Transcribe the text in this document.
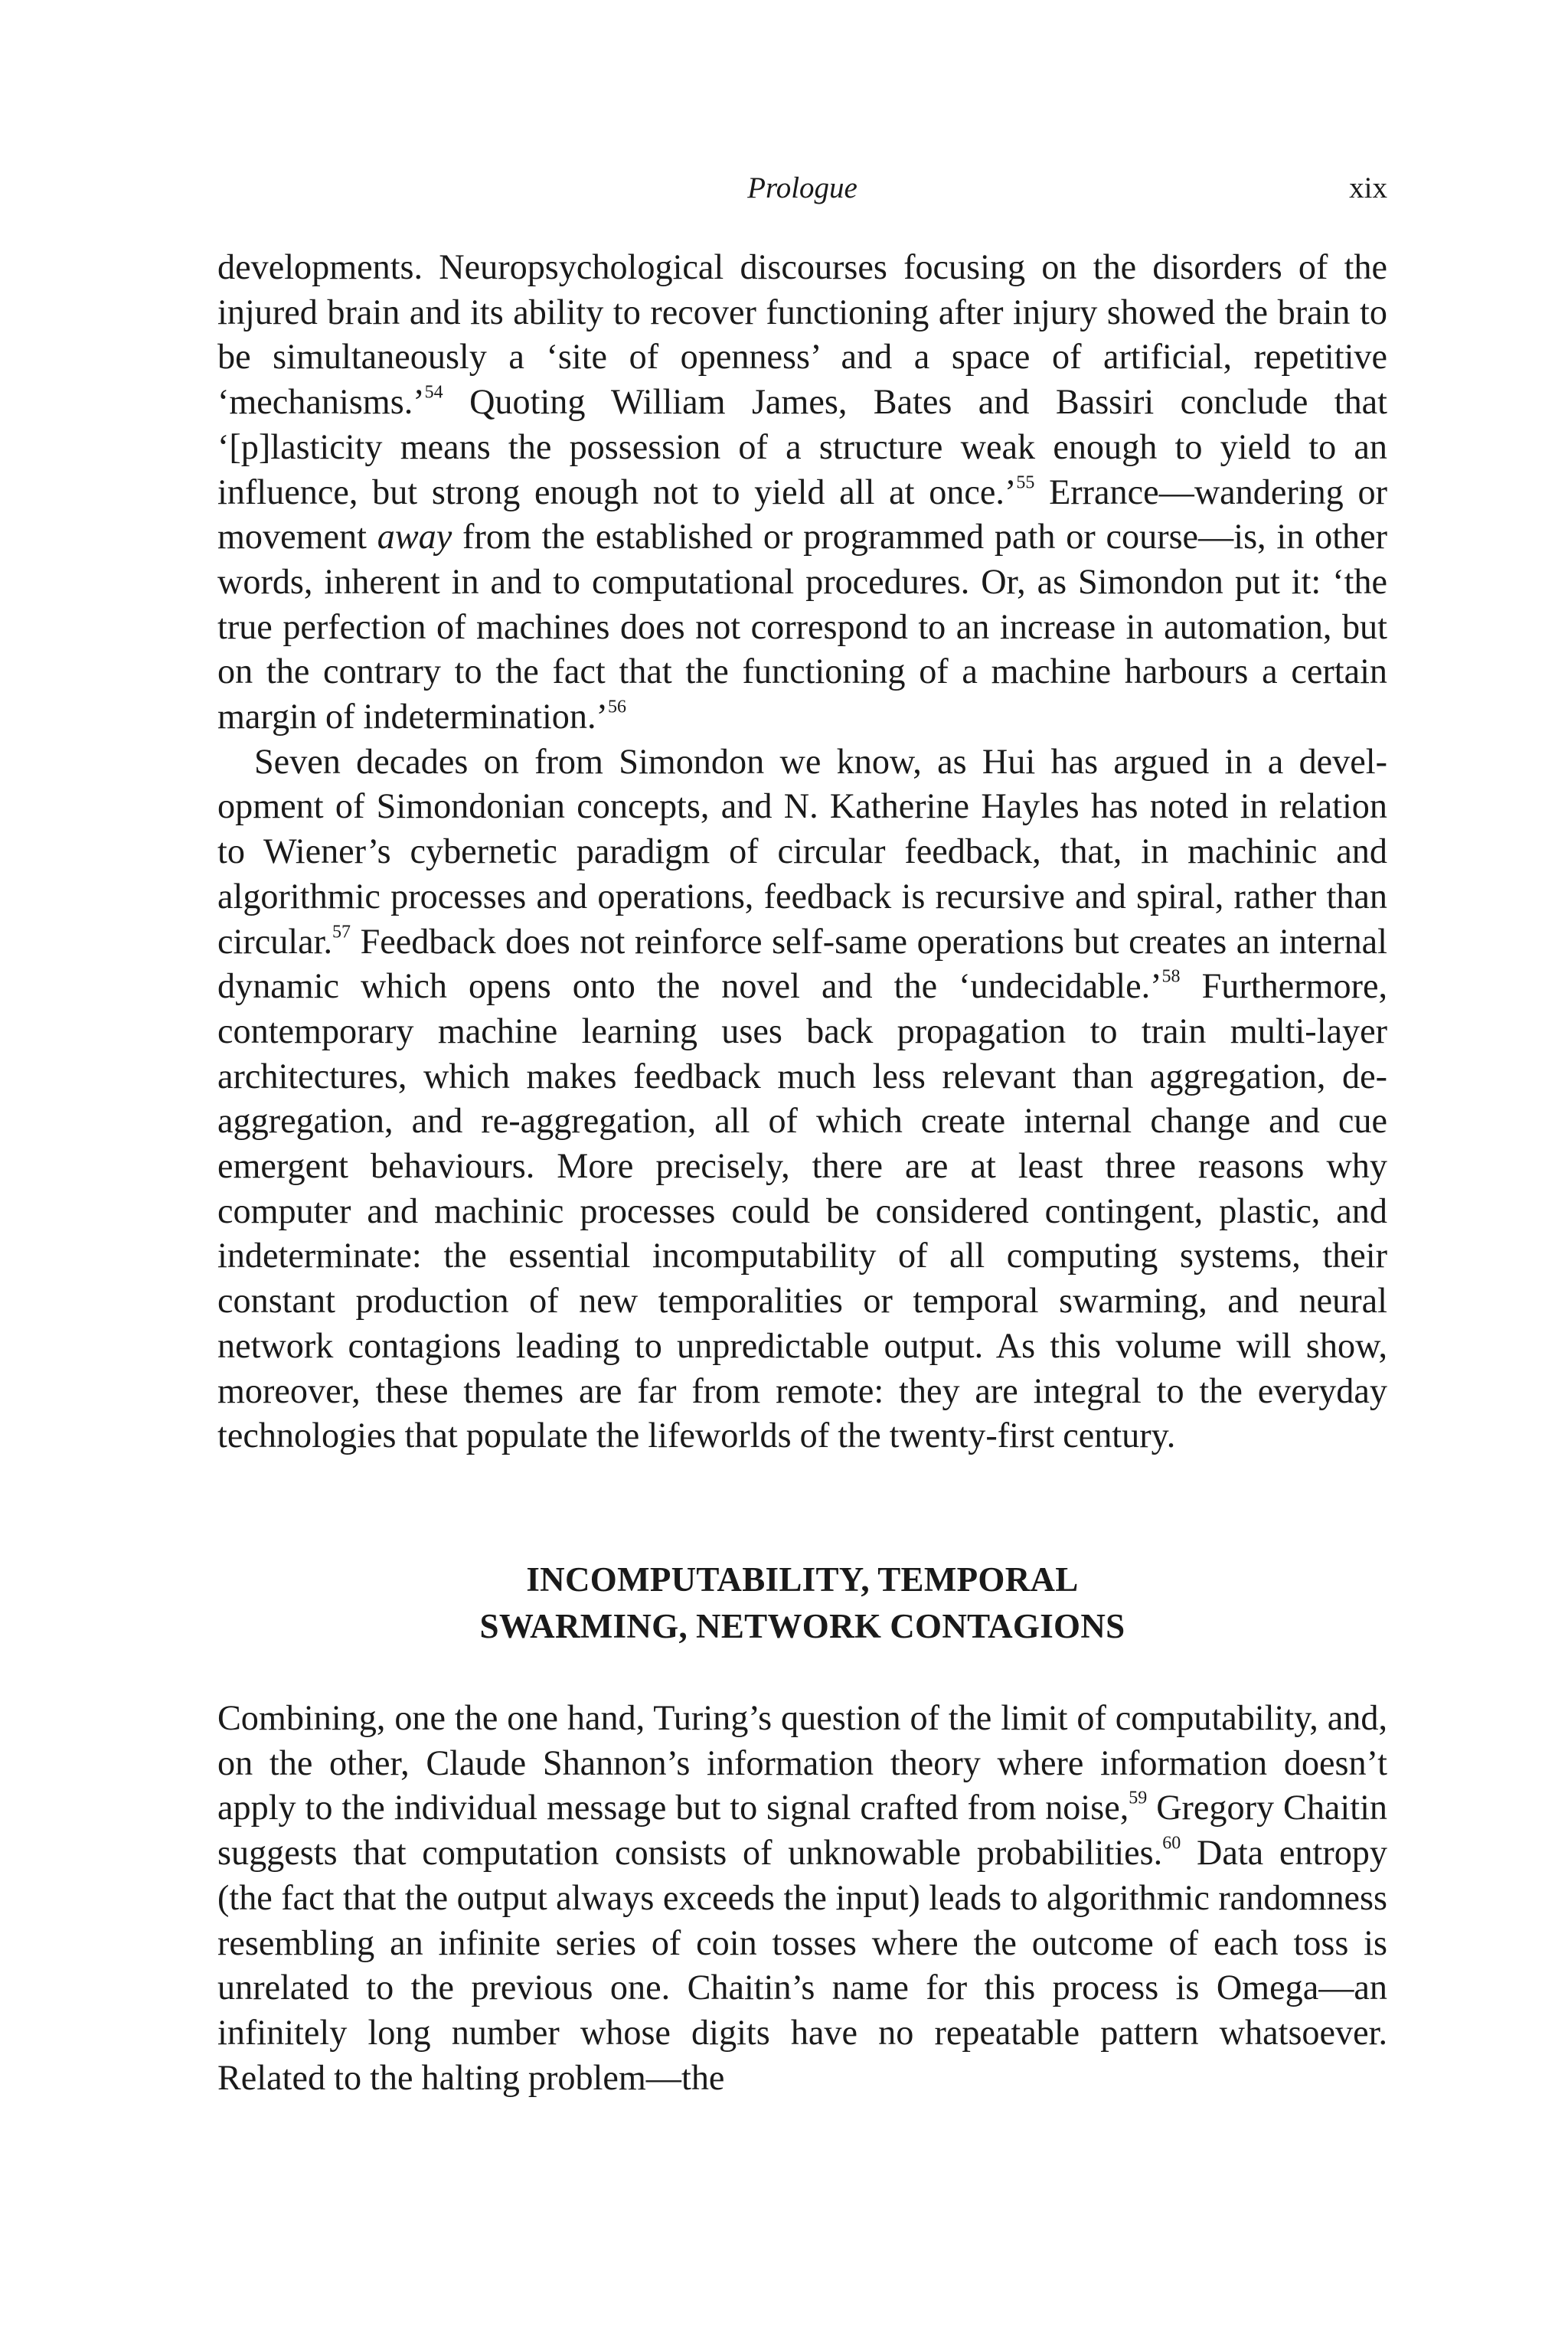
Prologue	xix

developments. Neuropsychological discourses focusing on the disorders of the injured brain and its ability to recover functioning after injury showed the brain to be simultaneously a ‘site of openness’ and a space of artificial, repetitive ‘mechanisms.’$^{54}$ Quoting William James, Bates and Bassiri conclude that ‘[p]lasticity means the possession of a structure weak enough to yield to an influence, but strong enough not to yield all at once.’$^{55}$ Errance—wandering or movement away from the established or programmed path or course—is, in other words, inherent in and to computational procedures. Or, as Simondon put it: ‘the true perfection of machines does not correspond to an increase in automation, but on the contrary to the fact that the functioning of a machine harbours a certain margin of indetermination.’$^{56}$

Seven decades on from Simondon we know, as Hui has argued in a development of Simondonian concepts, and N. Katherine Hayles has noted in relation to Wiener’s cybernetic paradigm of circular feedback, that, in machinic and algorithmic processes and operations, feedback is recursive and spiral, rather than circular.$^{57}$ Feedback does not reinforce self-same operations but creates an internal dynamic which opens onto the novel and the ‘undecidable.’$^{58}$ Furthermore, contemporary machine learning uses back propagation to train multi-layer architectures, which makes feedback much less relevant than aggregation, de-aggregation, and re-aggregation, all of which create internal change and cue emergent behaviours. More precisely, there are at least three reasons why computer and machinic processes could be considered contingent, plastic, and indeterminate: the essential incomputability of all computing systems, their constant production of new temporalities or temporal swarming, and neural network contagions leading to unpredictable output. As this volume will show, moreover, these themes are far from remote: they are integral to the everyday technologies that populate the lifeworlds of the twenty-first century.

INCOMPUTABILITY, TEMPORAL
SWARMING, NETWORK CONTAGIONS

Combining, one the one hand, Turing’s question of the limit of computability, and, on the other, Claude Shannon’s information theory where information doesn’t apply to the individual message but to signal crafted from noise,$^{59}$ Gregory Chaitin suggests that computation consists of unknowable probabilities.$^{60}$ Data entropy (the fact that the output always exceeds the input) leads to algorithmic randomness resembling an infinite series of coin tosses where the outcome of each toss is unrelated to the previous one. Chaitin’s name for this process is Omega—an infinitely long number whose digits have no repeatable pattern whatsoever. Related to the halting problem—the
